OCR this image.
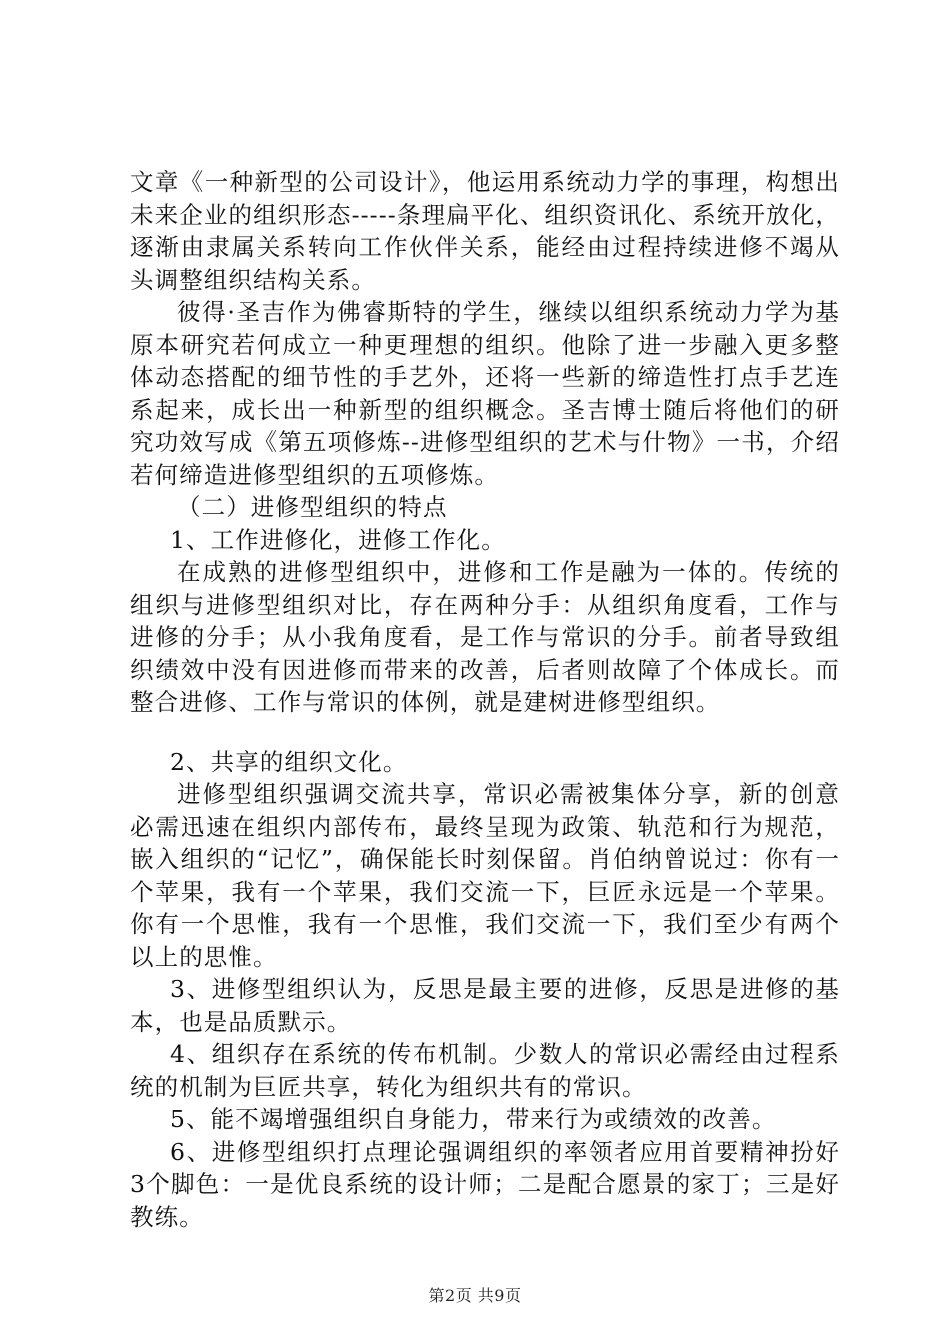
文章《一种新型的公司设计》，他运用系统动力学的事理，构想出未来企业的组织形态-----条理扁平化、组织资讯化、系统开放化，逐渐由隶属关系转向工作伙伴关系，能经由过程持续进修不竭从头调整组织结构关系。

彼得·圣吉作为佛睿斯特的学生，继续以组织系统动力学为基原本研究若何成立一种更理想的组织。他除了进一步融入更多整体动态搭配的细节性的手艺外，还将一些新的缔造性打点手艺连系起来，成长出一种新型的组织概念。圣吉博士随后将他们的研究功效写成《第五项修炼--进修型组织的艺术与什物》一书，介绍若何缔造进修型组织的五项修炼。

（二）进修型组织的特点

1、工作进修化，进修工作化。

在成熟的进修型组织中，进修和工作是融为一体的。传统的组织与进修型组织对比，存在两种分手：从组织角度看，工作与进修的分手；从小我角度看，是工作与常识的分手。前者导致组织绩效中没有因进修而带来的改善，后者则故障了个体成长。而整合进修、工作与常识的体例，就是建树进修型组织。

2、共享的组织文化。

进修型组织强调交流共享，常识必需被集体分享，新的创意必需迅速在组织内部传布，最终呈现为政策、轨范和行为规范，嵌入组织的“记忆”，确保能长时刻保留。肖伯纳曾说过：你有一个苹果，我有一个苹果，我们交流一下，巨匠永远是一个苹果。你有一个思惟，我有一个思惟，我们交流一下，我们至少有两个以上的思惟。

3、进修型组织认为，反思是最主要的进修，反思是进修的基本，也是品质默示。

4、组织存在系统的传布机制。少数人的常识必需经由过程系统的机制为巨匠共享，转化为组织共有的常识。

5、能不竭增强组织自身能力，带来行为或绩效的改善。

6、进修型组织打点理论强调组织的率领者应用首要精神扮好3个脚色：一是优良系统的设计师；二是配合愿景的家丁；三是好教练。

第2页 共9页
